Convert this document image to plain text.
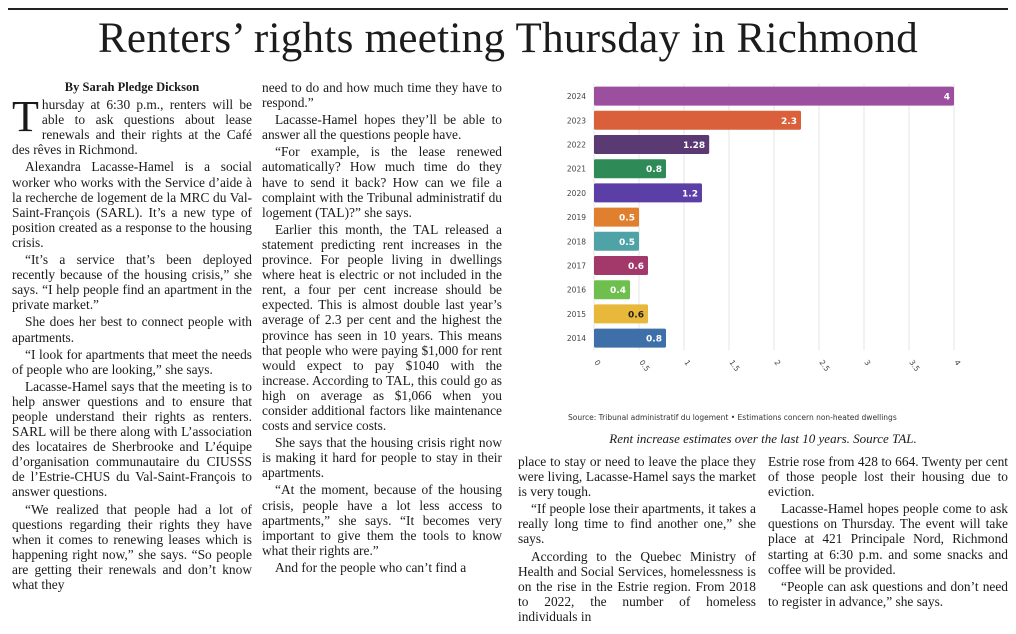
Renters’ rights meeting Thursday in Richmond

By Sarah Pledge Dickson

Thursday at 6:30 p.m., renters will be able to ask questions about lease renewals and their rights at the Café des rêves in Richmond.

Alexandra Lacasse-Hamel is a social worker who works with the Service d’aide à la recherche de logement de la MRC du Val-Saint-François (SARL). It’s a new type of position created as a response to the housing crisis.

“It’s a service that’s been deployed recently because of the housing crisis,” she says. “I help people find an apartment in the private market.”

She does her best to connect people with apartments.

“I look for apartments that meet the needs of people who are looking,” she says.

Lacasse-Hamel says that the meeting is to help answer questions and to ensure that people understand their rights as renters. SARL will be there along with L’association des locataires de Sherbrooke and L’équipe d’organisation communautaire du CIUSSS de l’Estrie-CHUS du Val-Saint-François to answer questions.

“We realized that people had a lot of questions regarding their rights they have when it comes to renewing leases which is happening right now,” she says. “So people are getting their renewals and don’t know what they

need to do and how much time they have to respond.”

Lacasse-Hamel hopes they’ll be able to answer all the questions people have.

“For example, is the lease renewed automatically? How much time do they have to send it back? How can we file a complaint with the Tribunal administratif du logement (TAL)?” she says.

Earlier this month, the TAL released a statement predicting rent increases in the province. For people living in dwellings where heat is electric or not included in the rent, a four per cent increase should be expected. This is almost double last year’s average of 2.3 per cent and the highest the province has seen in 10 years. This means that people who were paying $1,000 for rent would expect to pay $1040 with the increase. According to TAL, this could go as high on average as $1,066 when you consider additional factors like maintenance costs and service costs.

She says that the housing crisis right now is making it hard for people to stay in their apartments.

“At the moment, because of the housing crisis, people have a lot less access to apartments,” she says. “It becomes very important to give them the tools to know what their rights are.”

And for the people who can’t find a

2024	4
2023	2.3
2022	1.28
2021	0.8
2020	1.2
2019	0.5
2018	0.5
2017	0.6
2016	0.4
2015	0.6
2014	0.8
0	0.5	1	1.5	2	2.5	3	3.5	4
Source: Tribunal administratif du logement • Estimations concern non-heated dwellings
Rent increase estimates over the last 10 years. Source TAL.

place to stay or need to leave the place they were living, Lacasse-Hamel says the market is very tough.

“If people lose their apartments, it takes a really long time to find another one,” she says.

According to the Quebec Ministry of Health and Social Services, homelessness is on the rise in the Estrie region. From 2018 to 2022, the number of homeless individuals in

Estrie rose from 428 to 664. Twenty per cent of those people lost their housing due to eviction.

Lacasse-Hamel hopes people come to ask questions on Thursday. The event will take place at 421 Principale Nord, Richmond starting at 6:30 p.m. and some snacks and coffee will be provided.

“People can ask questions and don’t need to register in advance,” she says.
